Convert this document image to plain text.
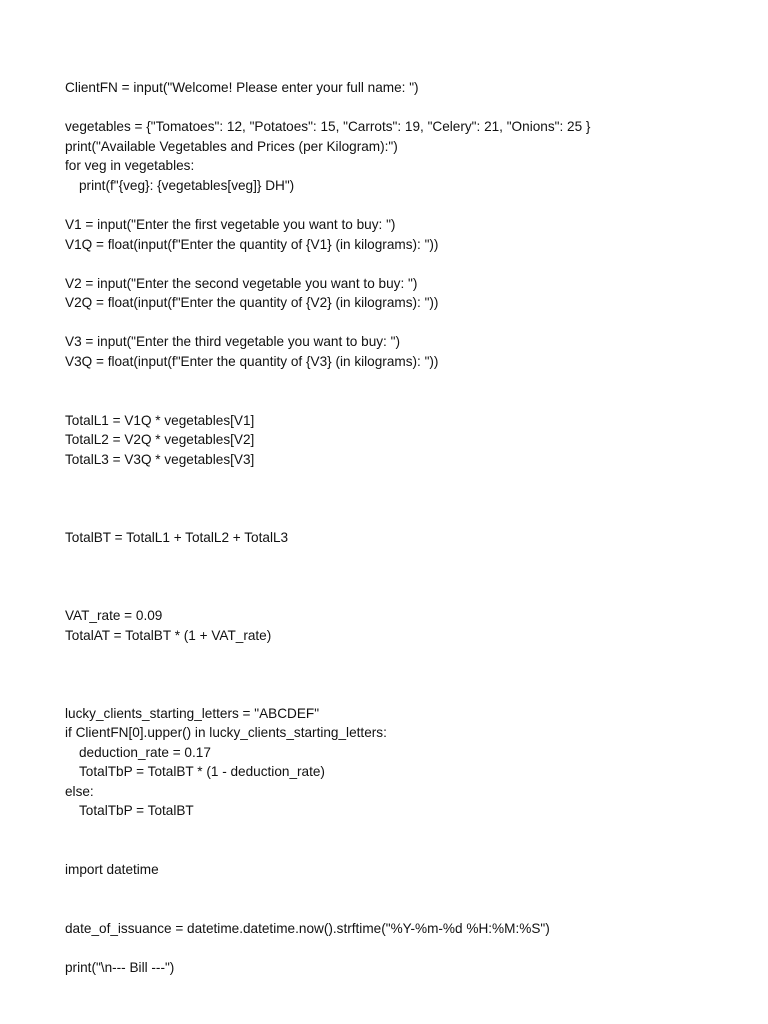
ClientFN = input("Welcome! Please enter your full name: ")
vegetables = {"Tomatoes": 12, "Potatoes": 15, "Carrots": 19, "Celery": 21, "Onions": 25 }
print("Available Vegetables and Prices (per Kilogram):")
for veg in vegetables:
print(f"{veg}: {vegetables[veg]} DH")
V1 = input("Enter the first vegetable you want to buy: ")
V1Q = float(input(f"Enter the quantity of {V1} (in kilograms): "))
V2 = input("Enter the second vegetable you want to buy: ")
V2Q = float(input(f"Enter the quantity of {V2} (in kilograms): "))
V3 = input("Enter the third vegetable you want to buy: ")
V3Q = float(input(f"Enter the quantity of {V3} (in kilograms): "))
TotalL1 = V1Q * vegetables[V1]
TotalL2 = V2Q * vegetables[V2]
TotalL3 = V3Q * vegetables[V3]
TotalBT = TotalL1 + TotalL2 + TotalL3
VAT_rate = 0.09
TotalAT = TotalBT * (1 + VAT_rate)
lucky_clients_starting_letters = "ABCDEF"
if ClientFN[0].upper() in lucky_clients_starting_letters:
deduction_rate = 0.17
TotalTbP = TotalBT * (1 - deduction_rate)
else:
TotalTbP = TotalBT
import datetime
date_of_issuance = datetime.datetime.now().strftime("%Y-%m-%d %H:%M:%S")
print("\n--- Bill ---")
